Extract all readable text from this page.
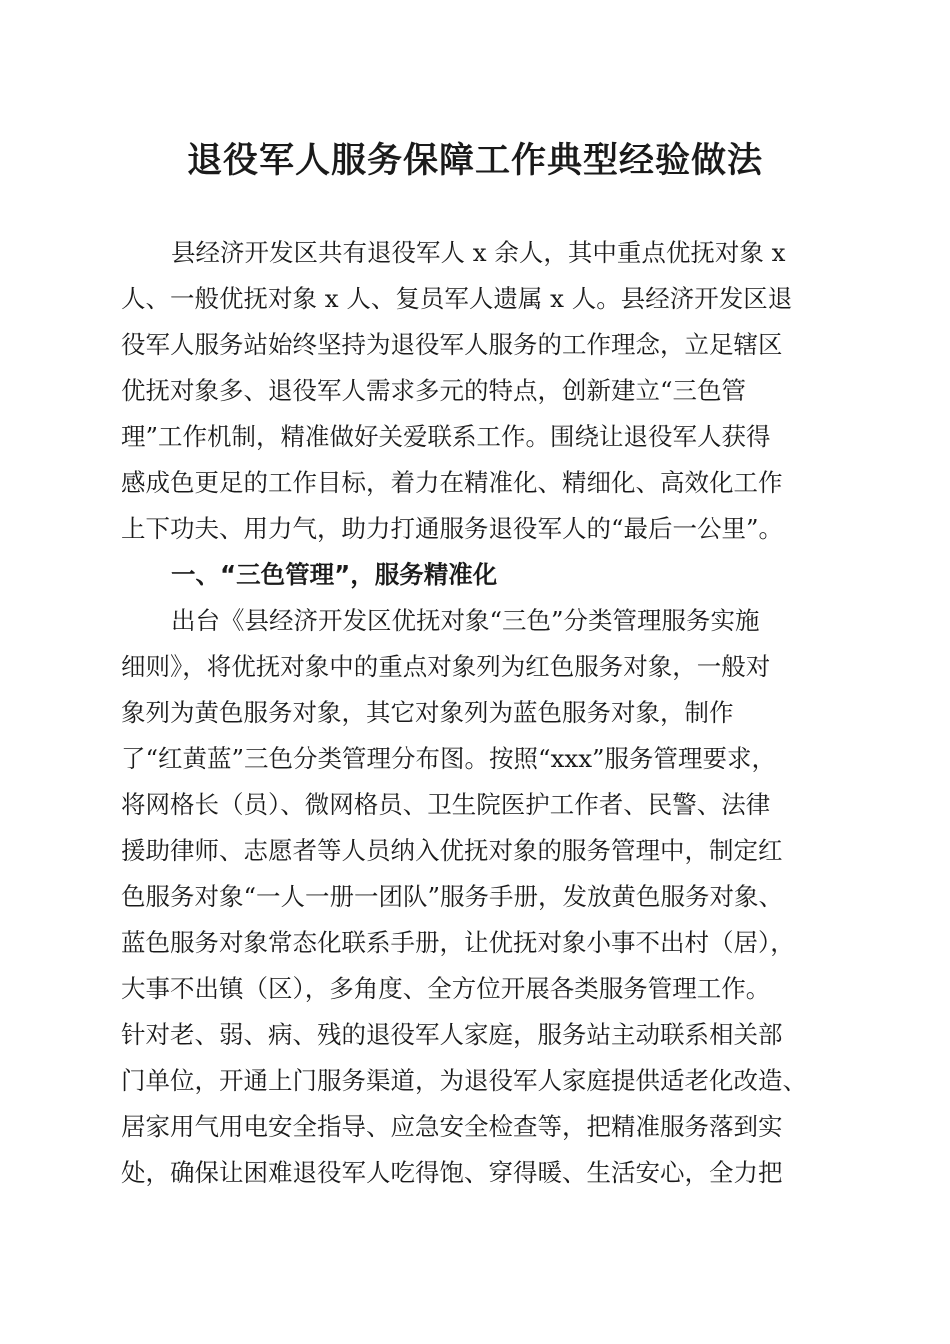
退役军人服务保障工作典型经验做法

县经济开发区共有退役军人 x 余人，其中重点优抚对象 x

人、一般优抚对象 x 人、复员军人遗属 x 人。县经济开发区退

役军人服务站始终坚持为退役军人服务的工作理念，立足辖区

优抚对象多、退役军人需求多元的特点，创新建立“三色管

理”工作机制，精准做好关爱联系工作。围绕让退役军人获得

感成色更足的工作目标，着力在精准化、精细化、高效化工作

上下功夫、用力气，助力打通服务退役军人的“最后一公里”。

一、“三色管理”，服务精准化

出台《县经济开发区优抚对象“三色”分类管理服务实施

细则》，将优抚对象中的重点对象列为红色服务对象，一般对

象列为黄色服务对象，其它对象列为蓝色服务对象，制作

了“红黄蓝”三色分类管理分布图。按照“xxx”服务管理要求，

将网格长（员）、微网格员、卫生院医护工作者、民警、法律

援助律师、志愿者等人员纳入优抚对象的服务管理中，制定红

色服务对象“一人一册一团队”服务手册，发放黄色服务对象、

蓝色服务对象常态化联系手册，让优抚对象小事不出村（居），

大事不出镇（区），多角度、全方位开展各类服务管理工作。

针对老、弱、病、残的退役军人家庭，服务站主动联系相关部

门单位，开通上门服务渠道，为退役军人家庭提供适老化改造、

居家用气用电安全指导、应急安全检查等，把精准服务落到实

处，确保让困难退役军人吃得饱、穿得暖、生活安心，全力把
